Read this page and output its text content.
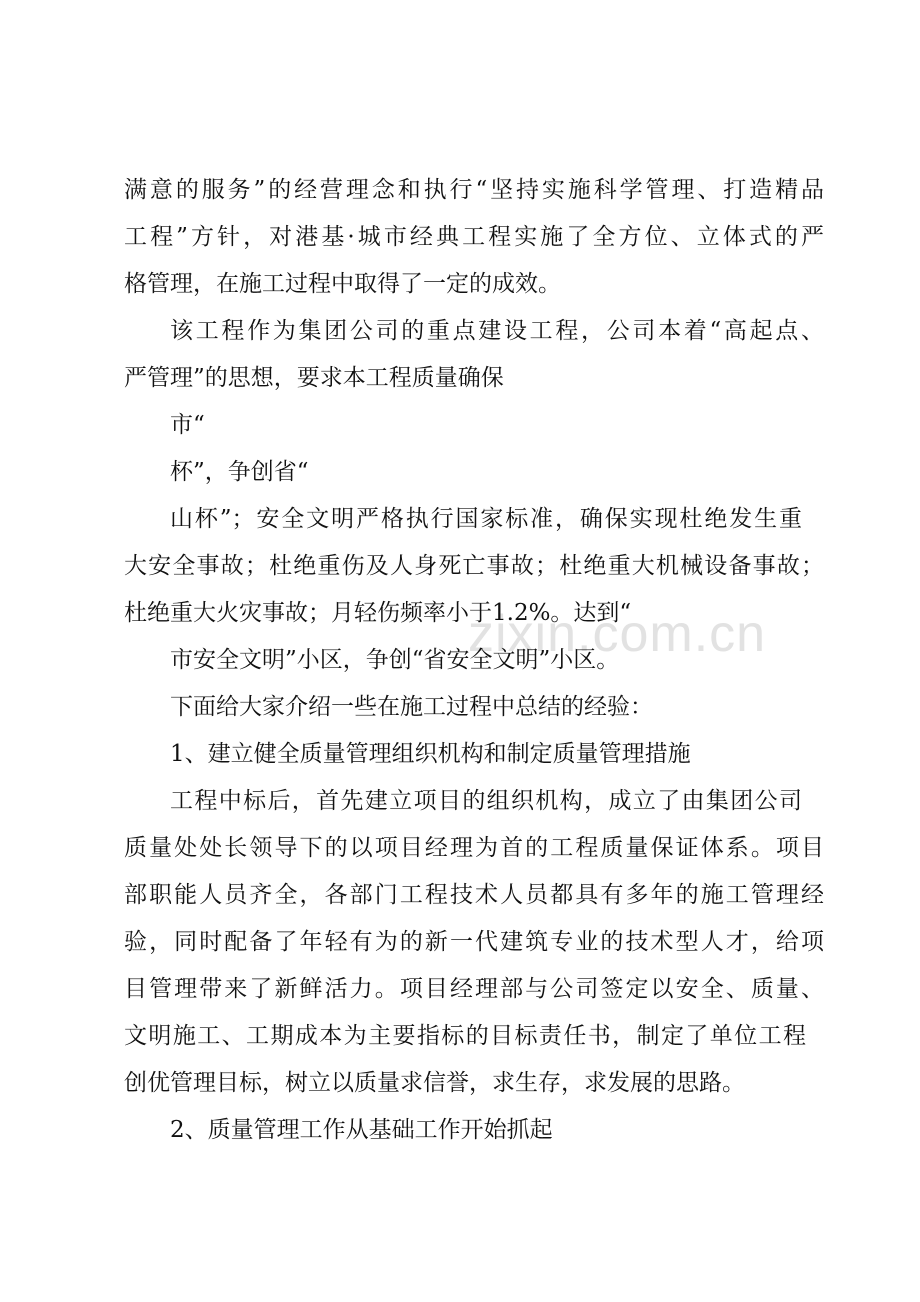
zixin.com.cn
满意的服务”的经营理念和执行“坚持实施科学管理、打造精品
工程”方针，对港基·城市经典工程实施了全方位、立体式的严
格管理，在施工过程中取得了一定的成效。
该工程作为集团公司的重点建设工程，公司本着“高起点、
严管理”的思想，要求本工程质量确保
市“
杯”，争创省“
山杯”；安全文明严格执行国家标准，确保实现杜绝发生重
大安全事故；杜绝重伤及人身死亡事故；杜绝重大机械设备事故；
杜绝重大火灾事故；月轻伤频率小于1.2%。达到“
市安全文明”小区，争创“省安全文明”小区。
下面给大家介绍一些在施工过程中总结的经验：
1、建立健全质量管理组织机构和制定质量管理措施
工程中标后，首先建立项目的组织机构，成立了由集团公司
质量处处长领导下的以项目经理为首的工程质量保证体系。项目
部职能人员齐全，各部门工程技术人员都具有多年的施工管理经
验，同时配备了年轻有为的新一代建筑专业的技术型人才，给项
目管理带来了新鲜活力。项目经理部与公司签定以安全、质量、
文明施工、工期成本为主要指标的目标责任书，制定了单位工程
创优管理目标，树立以质量求信誉，求生存，求发展的思路。
2、质量管理工作从基础工作开始抓起
